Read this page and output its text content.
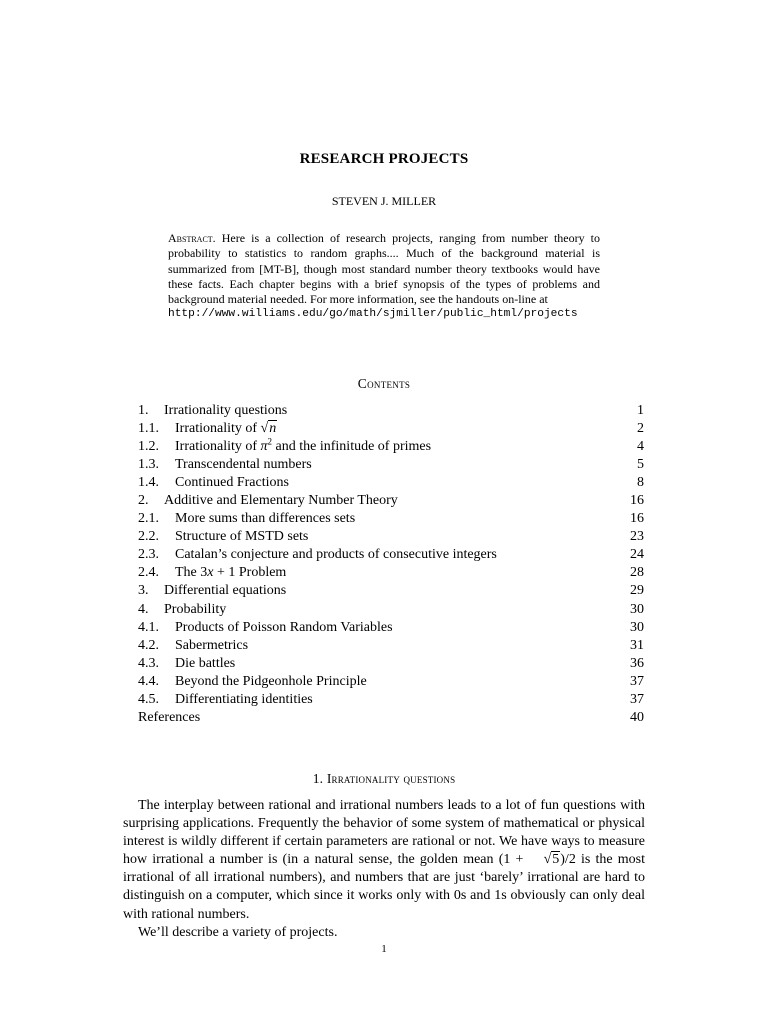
RESEARCH PROJECTS
STEVEN J. MILLER
Abstract. Here is a collection of research projects, ranging from number theory to probability to statistics to random graphs.... Much of the background material is summarized from [MT-B], though most standard number theory textbooks would have these facts. Each chapter begins with a brief synopsis of the types of problems and background material needed. For more information, see the handouts on-line at
http://www.williams.edu/go/math/sjmiller/public_html/projects
Contents
1. Irrationality questions	1
1.1. Irrationality of √n	2
1.2. Irrationality of $\pi^2$ and the infinitude of primes	4
1.3. Transcendental numbers	5
1.4. Continued Fractions	8
2. Additive and Elementary Number Theory	16
2.1. More sums than differences sets	16
2.2. Structure of MSTD sets	23
2.3. Catalan’s conjecture and products of consecutive integers	24
2.4. The 3x + 1 Problem	28
3. Differential equations	29
4. Probability	30
4.1. Products of Poisson Random Variables	30
4.2. Sabermetrics	31
4.3. Die battles	36
4.4. Beyond the Pidgeonhole Principle	37
4.5. Differentiating identities	37
References	40
1. Irrationality questions

The interplay between rational and irrational numbers leads to a lot of fun questions with surprising applications. Frequently the behavior of some system of mathematical or physical interest is wildly different if certain parameters are rational or not. We have ways to measure how irrational a number is (in a natural sense, the golden mean (1 + √5)/2 is the most irrational of all irrational numbers), and numbers that are just ‘barely’ irrational are hard to distinguish on a computer, which since it works only with 0s and 1s obviously can only deal with rational numbers.

We’ll describe a variety of projects.

1
